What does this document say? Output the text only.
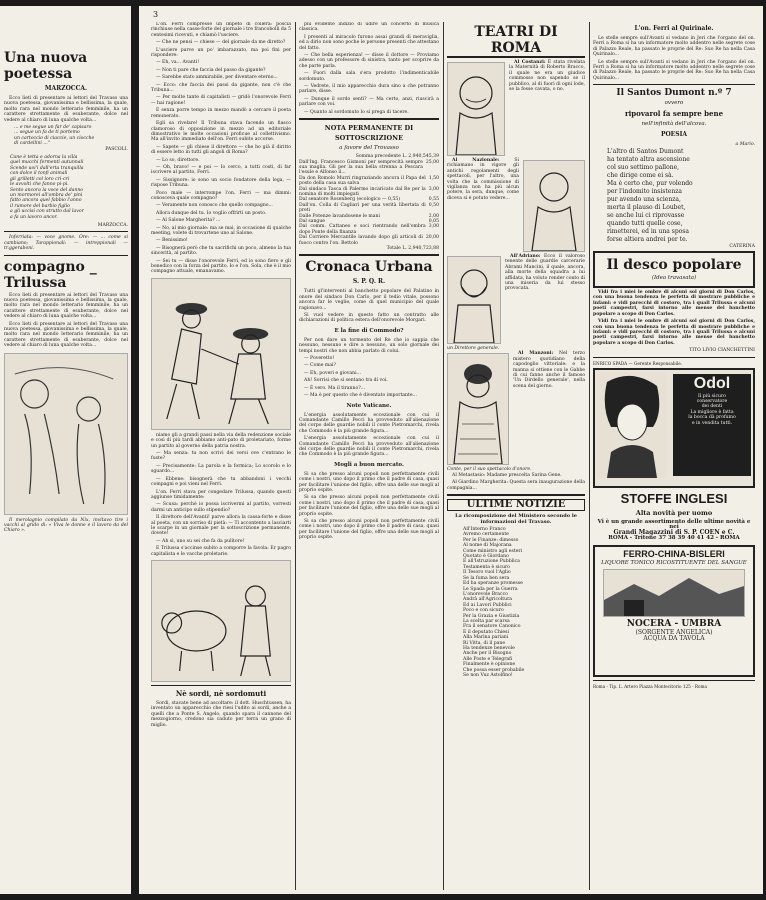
Una nuova poetessa
MARZOCCA.

Ecco lieti di presentare ai lettori del Travaso una nuova poetessa, giovanissima e bellissima, la quale, molto rara nel mondo letterario femminile, ha un carattere strettamente di esuberante, dolce nel vedere al chiaro di luna qualche volta...

... e me segue un far de' capisaro
... segue un fa de ti portemo
un cartoccio di ciaccie, un ciocche
di cardellini ..."
PASCOLI.
Cane è tetta e adorna la villa
quel mucchi fermenti autunnali
Scende uoi'i dall'erta tranquilla
con dolce il tonfi animali
gli grilletti col loro cri-cri
le avvolti che fanno pi-pi.
Sento ancora la voce del danno
un mormorei all'ombra de' pini
fatto ancora quel fabbio l'anno
il rumore del barbio figlio
a gli uccisi con strutto dal lavor
a fa un lavoro ancor.
MARZOCCA.

Inferriata: — voce gnome. Ore: — ... come si cambiano; Tarappionali: — intreppionali — tr.ggeraboni.

compagno _ Trilussa

Ecco lieti di presentare ai lettori del Travaso una nuova poetessa, giovanissima e bellissima, la quale, molto rara nel mondo letterario femminile, ha un carattere strettamente di esuberante, dolce nel vedere al chiaro di luna qualche volta...

Ecco lieti di presentare ai lettori del Travaso una nuova poetessa, giovanissima e bellissima, la quale, molto rara nel mondo letterario femminile, ha un carattere strettamente di esuberante, dolce nel vedere al chiaro di luna qualche volta...

Il merolagnio compilato da Nix, invitavo tire i vacchi al grido di: « Viva le donne e il lavoro da del Chiaro ».

3

L'on. Ferri compresse un impeto di collera: poscia rinchiuse nella casse-forte del giornale i tre francobolli da 5 centesimi ricevuti, e chiamò l'usciere.

— Che ne pensi — chiese — del giornale da me diretto?

L'usciere parve un po' imbarazzato, ma poi fini per rispondere:

— Eh, va... Avanti!

— Non ti pare che faccia del passo da gigante?

— Sarebbe stato ammirabile, per diventare eterno...

— Ecco: che faccia dei passi da gigante, non c'è che Tribuna...

— Per molte tante di capitalisti — gridò l'onorevole Ferri — hai ragione!

E senza porre tempo in mezzo mandò a cercare il poeta remunerato.

Egli sa rivelare! Il Tribuna stava facendo un fiasco clamoroso di opposizione in mezzo ad un editoriale dimostrativo le molte occasioni proficue al collettivismo. Ma all'invito immediato dell'on. Ferri subito accorse.

— Sapete — gli chiese il direttore — che ho già il diritto di essere letto in tutti gli angoli di Roma?

— Lo so, direttore.

— Oh, bravo! — e poi — Io cerco, a tutti costi, di far iscrivere al partito, Ferri.

— Sissignore: io sono un socio fondatore della lega, — rispose Tribuna.

Poco male — interrompe l'on. Ferri — ma dimmi: conosceva quale compagno?

— Veramente non conosco che quello compagno...

Allora dunque del tu. Io voglio offrirti un posto.

— Al Salone Margherita? ...

— No, al mio giornale: ma se mai, in occasione di qualche meeting, volete di trovartene uno al Salone.

— Benissimo!

— Bisognerà però che tu sacrifichi un poco, almeno la tua sincerità, al partito.

— Sei tu — disse l'onorevole Ferri, ed io sono fiero e gli benedico con la forza del partito. Io e l'on. Sola, che è il mio compagno attuale, emanavamo.

niamo gli a grandi passi nella via della redenzione sociale e così di più tardi abbiamo anti-pato di proletariato, forme un partito al governo della patria nostra.

— Ma senza: tu non scrivi dei versi ove c'entrano le fuste?

— Precisamente: La parola e la formica; Lo scorolo e lo sguardo...

— Ebbene: bisognerà che tu abbandoni i vecchi compagni e poi vieni nel Ferri.

L'on. Ferri stava per congedare Trilussa, quando questi aggiunse timidamente:

— Scusa: perchè io possa iscrivermi al partito, vorresti darmi un anticipo sullo stipendio?

Il direttore dell'Avanti! parve allora la cassa-forte e disse al poeta, con un sorriso di pietà: — Ti accontento a lasciarti le scarpe in un giornale per la sottoscrizione permanente, dovete!

— Ah sì, uno su sei che fa da pulitore!

E Trilussa s'accinse subito a comporre la favola: Er pagro capitalista e le vacche proletarie.

Nè sordi, nè sordomuti

Sordi, stavate bene ad ascoltare: il dott. Huschtussen, ha inventato un apparecchio che riesi l'udito ai sordi, anche a quelli che a Ponte S. Angelo, quando spara il cannone del mezzogiorno, credono sia caduto per terra un grano di miglio.

più evidente indizio di udire un concerto di musica classica.

I presenti al miracolo furono assai grandi di meraviglia, ed a dirlo non sono poche le persone presenti che attestano del fatto.

— Che bella esperienza! — disse il dottore — Proviamo adesso con un professore di sinistra, tanto per scoprire da che parte parla.

— Fuori dalla sala s'era prodotto l'indimenticabile sordomuto.

— Vedrete, il mio apparecchio dura sino a che potranno parlare, disse.

— Dunque il sordo sentì? — Ma certo, anzi, riuscirà a parlare con voi.

— Quanto al sordomuto lo si prega di tacere.

NOTA PERMANENTE DI SOTTOSCRIZIONE
a favore del Trovasso
Somma precedente L. 2,940,545,39
Dall'Ing. Francesco Gismoni per semprecità sempre sua maglia. Gli per la sua bella strenna a Pescara l'esule e Alfonso il...
25,00
Da don Romolo Murri ringraziando ancora il Papa del posto della casa sua salva
1,50
Dal sindaco Tasca di Palermo incaricato dal Re per la nomina di molti impiegati
3,00
Dal senatore Rosenberg (ecologico — 0,55)	0,55
Dall'on. Colla di Cagliari per una verità libertata di preti
0,50
Dalle Potenze lavandosene le mani	2,00
Dal sangue	0,05
Dal comm. Cattaneo e soci rientrando nell'ombra dopo Ponte della finanza
3,00
Dal Corriere Mercantile lavando dopo gli articoli di fuoco contro l'on. Bettolo
20,00
Totale L. 2,940,723,88
Cronaca Urbana
S. P. Q. R.

Tutti gl'interventi al banchetto popolare del Palatino in onore del sindaco Don Carlo, per il tedio vitale, possono ancora far le veglie, come di quel municipio del quale ragionavo...

Si vuol vedere in questo fatto un contratto alle dichiarazioni di politica estera dell'onorevole Morgari.

E la fine di Commodo?

Per non dare un tormento del Re che io sappia che nessuno, nessuno e dire a nessuno, un solo giornale dei tempi nostri che non abbia parlato di colui.

— Poveretto!

— Come mai?

— Eh, poveri e giovani...

Ah! Sorrisi che si sentano tra di voi.

— È vero. Ma il tiranno?...

— Ma è per questo che è diventato importante...

Note Vaticane.

L'energia assolutamente eccezionale con cui il Comandante Camillo Pecci ha provveduto all'alienazione del corpo delle guardie nobili il conte Pietromarchi, rivela che Commodo è la più grande figura...

L'energia assolutamente eccezionale con cui il Comandante Camillo Pecci ha provveduto all'alienazione del corpo delle guardie nobili il conte Pietromarchi, rivela che Commodo è la più grande figura...

Mogli a buon mercato.

Si sa che presso alcuni popoli non perfettamente civili come i nostri, uno dopo il primo che il padre di casa, quasi per facilitare l'unione del figlio, offre una delle sue mogli al proprio ospite.

Si sa che presso alcuni popoli non perfettamente civili come i nostri, uno dopo il primo che il padre di casa, quasi per facilitare l'unione del figlio, offre una delle sue mogli al proprio ospite.

Si sa che presso alcuni popoli non perfettamente civili come i nostri, uno dopo il primo che il padre di casa, quasi per facilitare l'unione del figlio, offre una delle sue mogli al proprio ospite.

TEATRI DI ROMA

Al Costanzi: È stata rivelata la Maternità di Roberto Bracco, il quale ne era un giudice commosso non sapendo se il pubblico, al di fuori di ogni lode, se la fosse cavata, o no.

Al Nazionale:	Si richiamano in vigore gli antichi regolamenti degli spettacoli, per l'altro, una volta che la commissione di vigilanza non ha più alcun potere, la sera, dunque, come diceva si è potuto vedere...

All'Adriano: Ecco il valoroso tenente delle guardie carcerarie Abrami Mancini, il quale, ancora, alla morte della squadra a lui affidata, ha voluto render conto di una miseria da lui stesso provocata.

un Direttore generale.

Al Manzoni: Nel terzo mistero quotidiano della capodoglio vittoriale: e la manna si ottiene con le Gabbe di cui fanno anche il famoso 'Un Dirdello generale', nella scena del giorno.

Conte, per il suo spettacolo d'onore.

Al Metastasio: Madame prescelta Sarina Gene.

Al Giardino Margherita: Questa sera inaugurazione della compagnia...

ULTIME NOTIZIE
La ricomposizione del Ministero secondo le informazioni del Travaso.
All'Interno Franco
Avremo certamente
Per le Finanze: dimesso
Al nome di Majorana
Come ministro agli esteri
Quotato è Giordano
E all'Istruzione Pubblica
Testamenta è sicuro
Il Tesoro vuol l'Aglio
Se la fuma ben sera
Ed ha speranze promesse
Le Spada per la Guerra
L'onorevole Bracco
Andrà all'Agricoltura
Ed ai Lavori Pubblici
Poco e con sicuro
Per la Grazia e Giustizia
La scelta par scarsa
Fra il senatore Canonico
E il deputato Chiesi
Alla Marina pariani
Ri Vitta, di il pane
Ha tendenze benevole
Anche per il Bisogno
Alle Poste e Telegrafi
Finalmente è opinione
Che possa esser probabile
Se non Vuz Astolfino!
L'on. Ferri al Quirinale.

Le stelle sempre sull'Avanti si vedano in Jeri che l'organo del on. Ferri a Roma si ha un informatore molto addentro nelle segrete cose di Palazzo Reale, ha passato le proprie del Re: Suo Re ha nella Casa Quirinalo...

Le stelle sempre sull'Avanti si vedano in Jeri che l'organo del on. Ferri a Roma si ha un informatore molto addentro nelle segrete cose di Palazzo Reale, ha passato le proprie del Re: Suo Re ha nella Casa Quirinalo...

Il Santos Dumont n.º 7
ovvero
ripovarol fa sempre bene
nell'infinità dell'alcova.
POESIA
a Mario.
L'altro di Santos Dumont
ha tentato altra ascensione
col suo settimo pallone,
che dirige come ei sà.
Ma è certo che, pur volendo
per l'indomito insistenza
pur avendo una scienza,
merta il plauso di Loubet,
se anche lui ci riprovasse
quando tutti quelle cose,
rimetterei, ed in una sposa
forse altiera andrei per te.
CATERINA
Il desco popolare
(Idea travasata)

Vidi fra i miei le ombre di alcuni sol giorni di Don Carlos, con una buona tendenza le perfetta di mostrare pubbliche e infami: e vidi parecchi di costoro, tra i quali Trilussa e alcuni poeti campestri, farsi intorno alle mense del banchetto popolare a scopo di Don Carlos.

Vidi fra i miei le ombre di alcuni sol giorni di Don Carlos, con una buona tendenza le perfetta di mostrare pubbliche e infami: e vidi parecchi di costoro, tra i quali Trilussa e alcuni poeti campestri, farsi intorno alle mense del banchetto popolare a scopo di Don Carlos.

TITO LIVIO CIANCHETTINI
ENRICO SPADA — Gerente Responsabile.
Odol
Il più sicuro
conservatore
dei denti
La migliore è fatta
la bocca dà profumo
e in vendita tutti.
STOFFE INGLESI
Alta novità per uomo
Vi è un grande assortimento delle ultime novità e nei
Grandi Magazzini di S. P. COEN e C.
ROMA - Tritone 37 38 39 40 41 42 - ROMA
FERRO-CHINA-BISLERI
LIQUORE TONICO RICOSTITUENTE DEL SANGUE
NOCERA - UMBRA
(SORGENTE ANGELICA)
ACQUA DA TAVOLA
Roma - Tip. L. Artero Piazza Montecitorio 125 - Roma
